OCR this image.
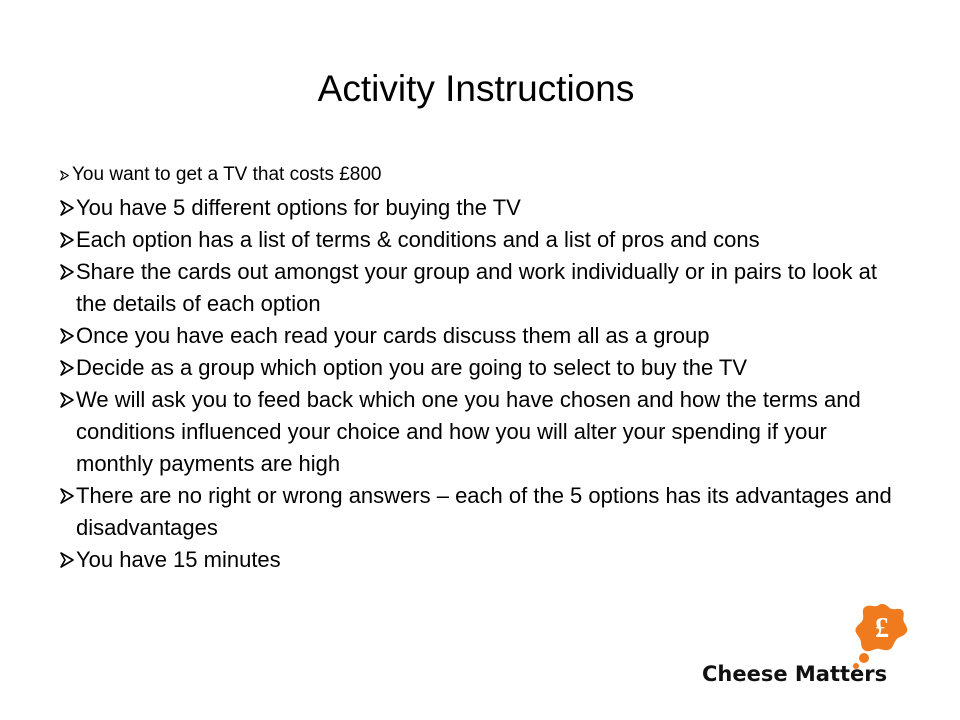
Activity Instructions
You want to get a TV that costs £800
You have 5 different options for buying the TV
Each option has a list of terms & conditions and a list of pros and cons
Share the cards out amongst your group and work individually or in pairs to look at the details of each option
Once you have each read your cards discuss them all as a group
Decide as a group which option you are going to select to buy the TV
We will ask you to feed back which one you have chosen and how the terms and conditions influenced your choice and how you will alter your spending if your monthly payments are high
There are no right or wrong answers – each of the 5 options has its advantages and disadvantages
You have 15 minutes
£
Cheese Matters
